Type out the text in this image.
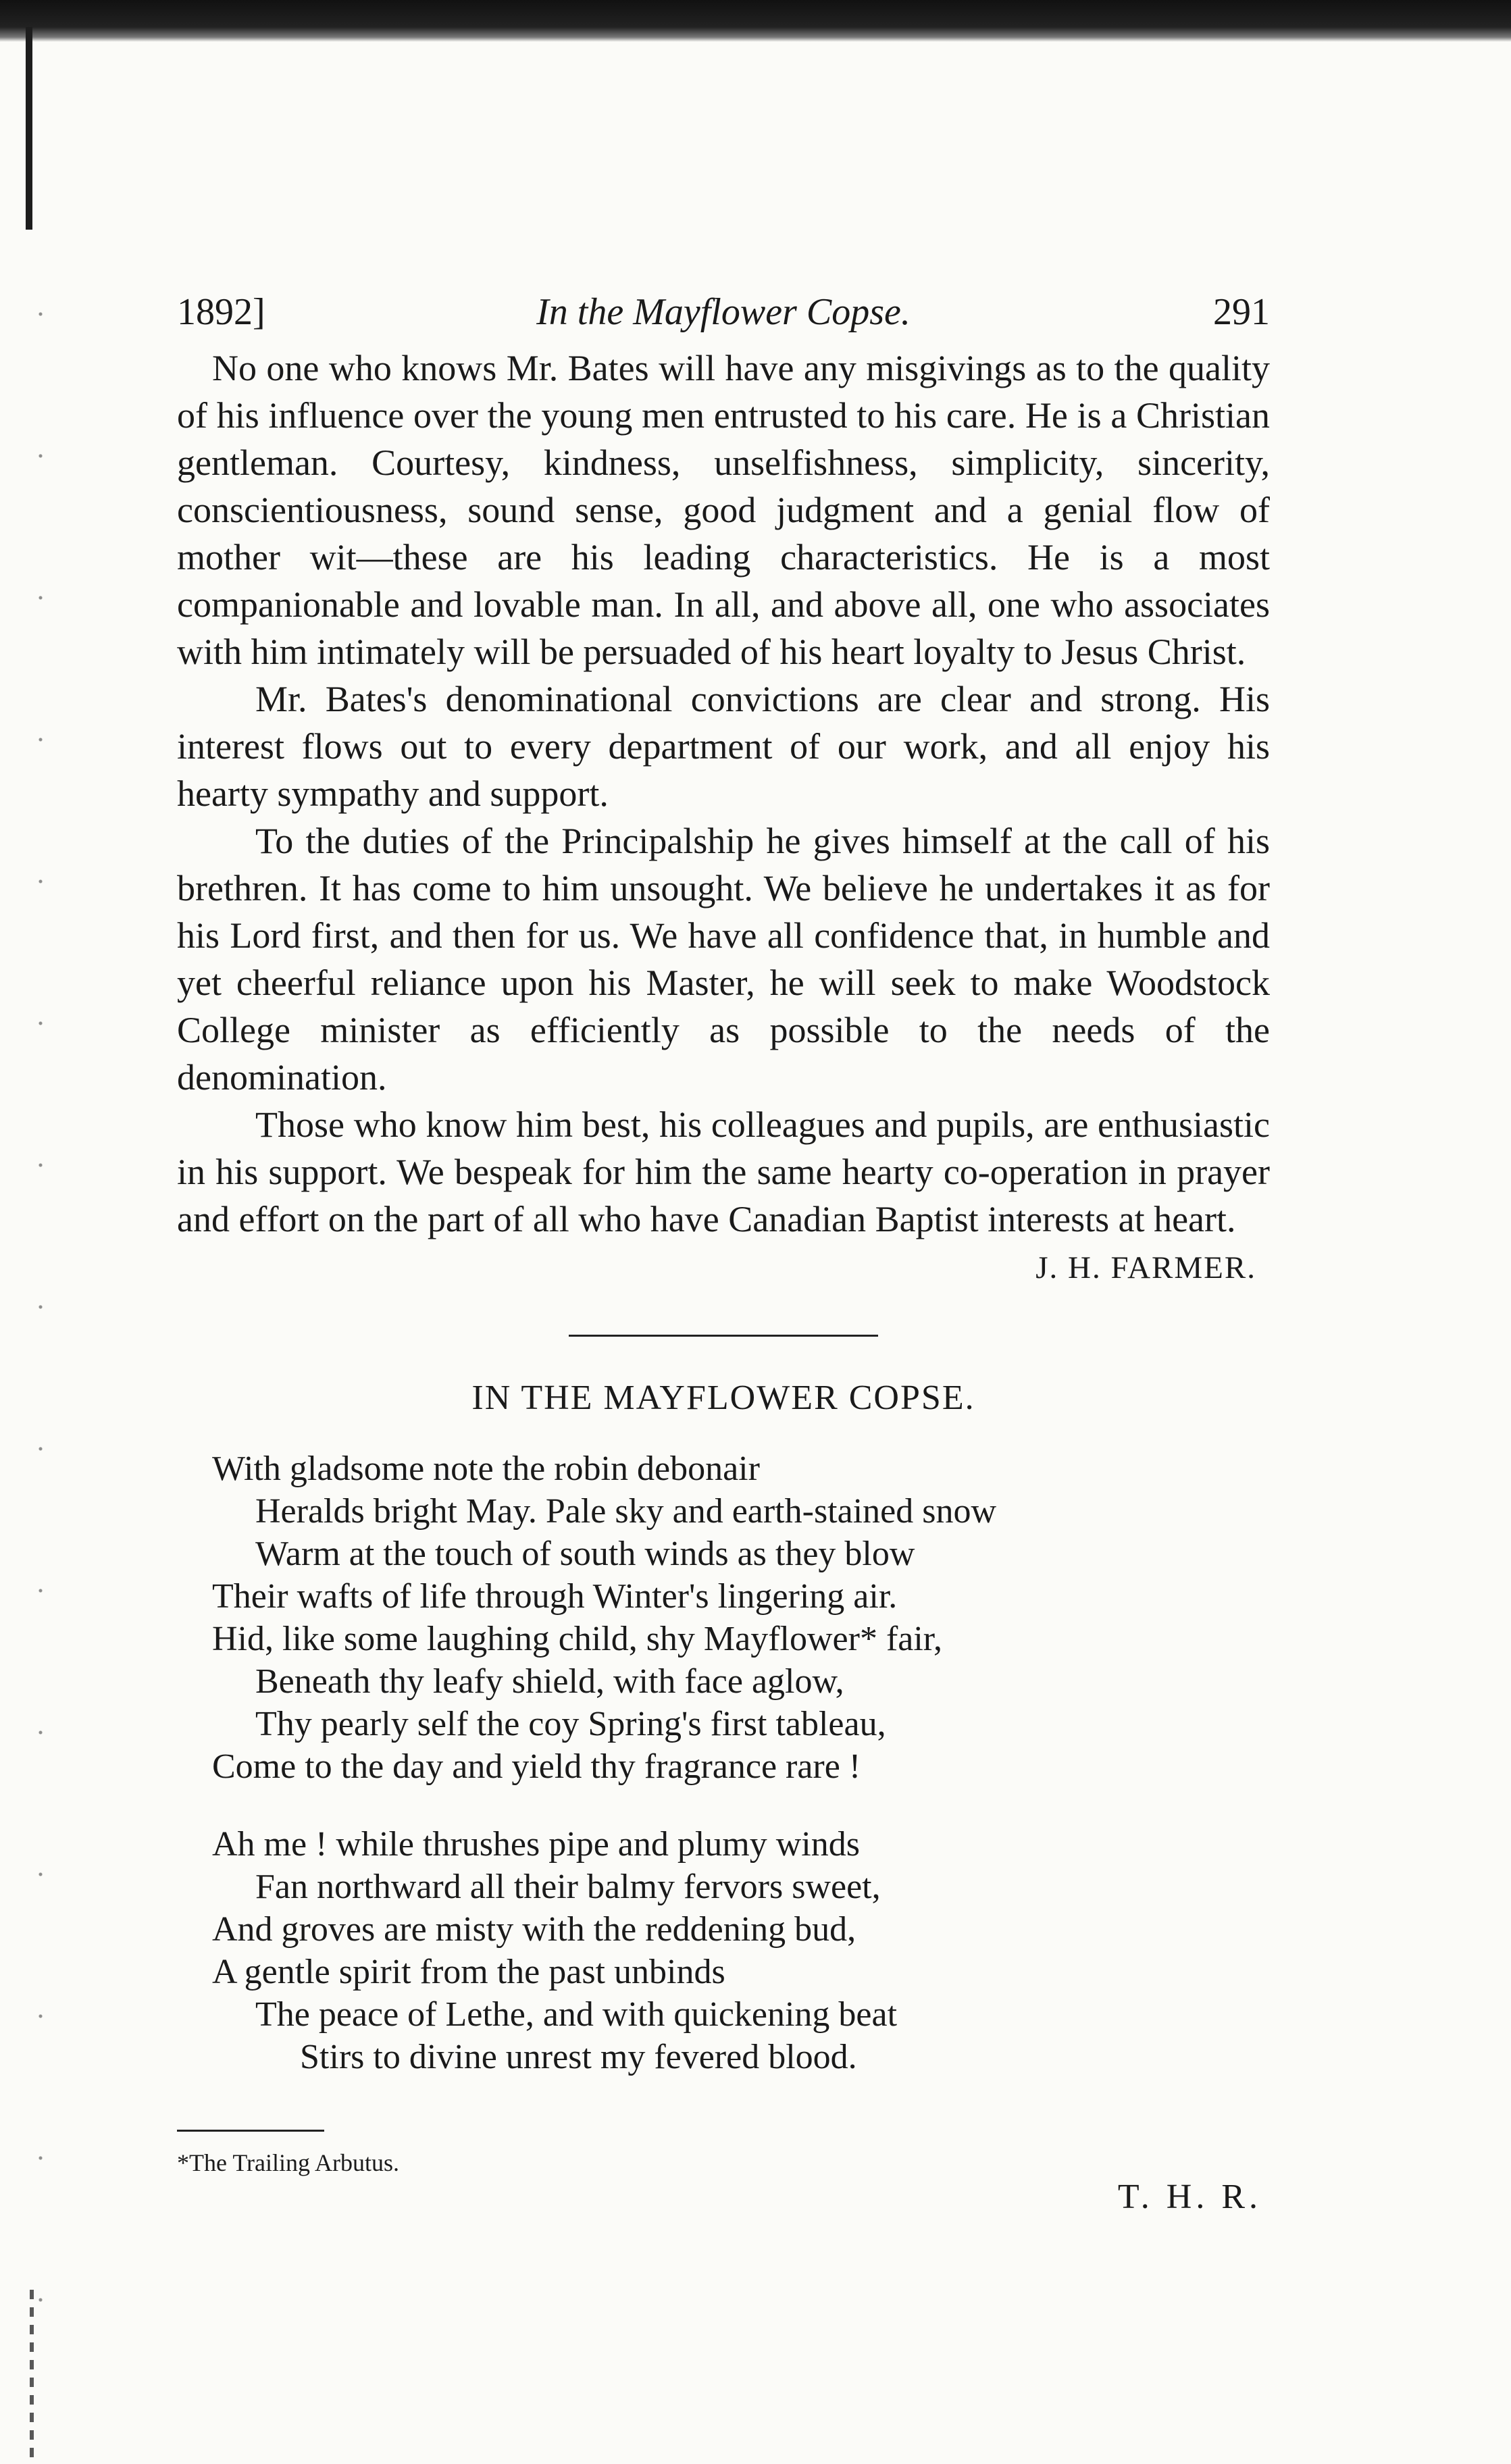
1892]	In the Mayflower Copse.	291

No one who knows Mr. Bates will have any misgivings as to the quality of his influence over the young men entrusted to his care. He is a Christian gentleman. Courtesy, kindness, unselfishness, simplicity, sincerity, conscientiousness, sound sense, good judgment and a genial flow of mother wit—these are his leading characteristics. He is a most companionable and lovable man. In all, and above all, one who associates with him intimately will be persuaded of his heart loyalty to Jesus Christ.

Mr. Bates's denominational convictions are clear and strong. His interest flows out to every department of our work, and all enjoy his hearty sympathy and support.

To the duties of the Principalship he gives himself at the call of his brethren. It has come to him unsought. We believe he undertakes it as for his Lord first, and then for us. We have all confidence that, in humble and yet cheerful reliance upon his Master, he will seek to make Woodstock College minister as efficiently as possible to the needs of the denomination.

Those who know him best, his colleagues and pupils, are enthusiastic in his support. We bespeak for him the same hearty co-operation in prayer and effort on the part of all who have Canadian Baptist interests at heart.

J. H. FARMER.
IN THE MAYFLOWER COPSE.
With gladsome note the robin debonair
Heralds bright May. Pale sky and earth-stained snow
Warm at the touch of south winds as they blow
Their wafts of life through Winter's lingering air.
Hid, like some laughing child, shy Mayflower* fair,
Beneath thy leafy shield, with face aglow,
Thy pearly self the coy Spring's first tableau,
Come to the day and yield thy fragrance rare !
Ah me ! while thrushes pipe and plumy winds
Fan northward all their balmy fervors sweet,
And groves are misty with the reddening bud,
A gentle spirit from the past unbinds
The peace of Lethe, and with quickening beat
Stirs to divine unrest my fevered blood.
*The Trailing Arbutus.
T. H. R.
